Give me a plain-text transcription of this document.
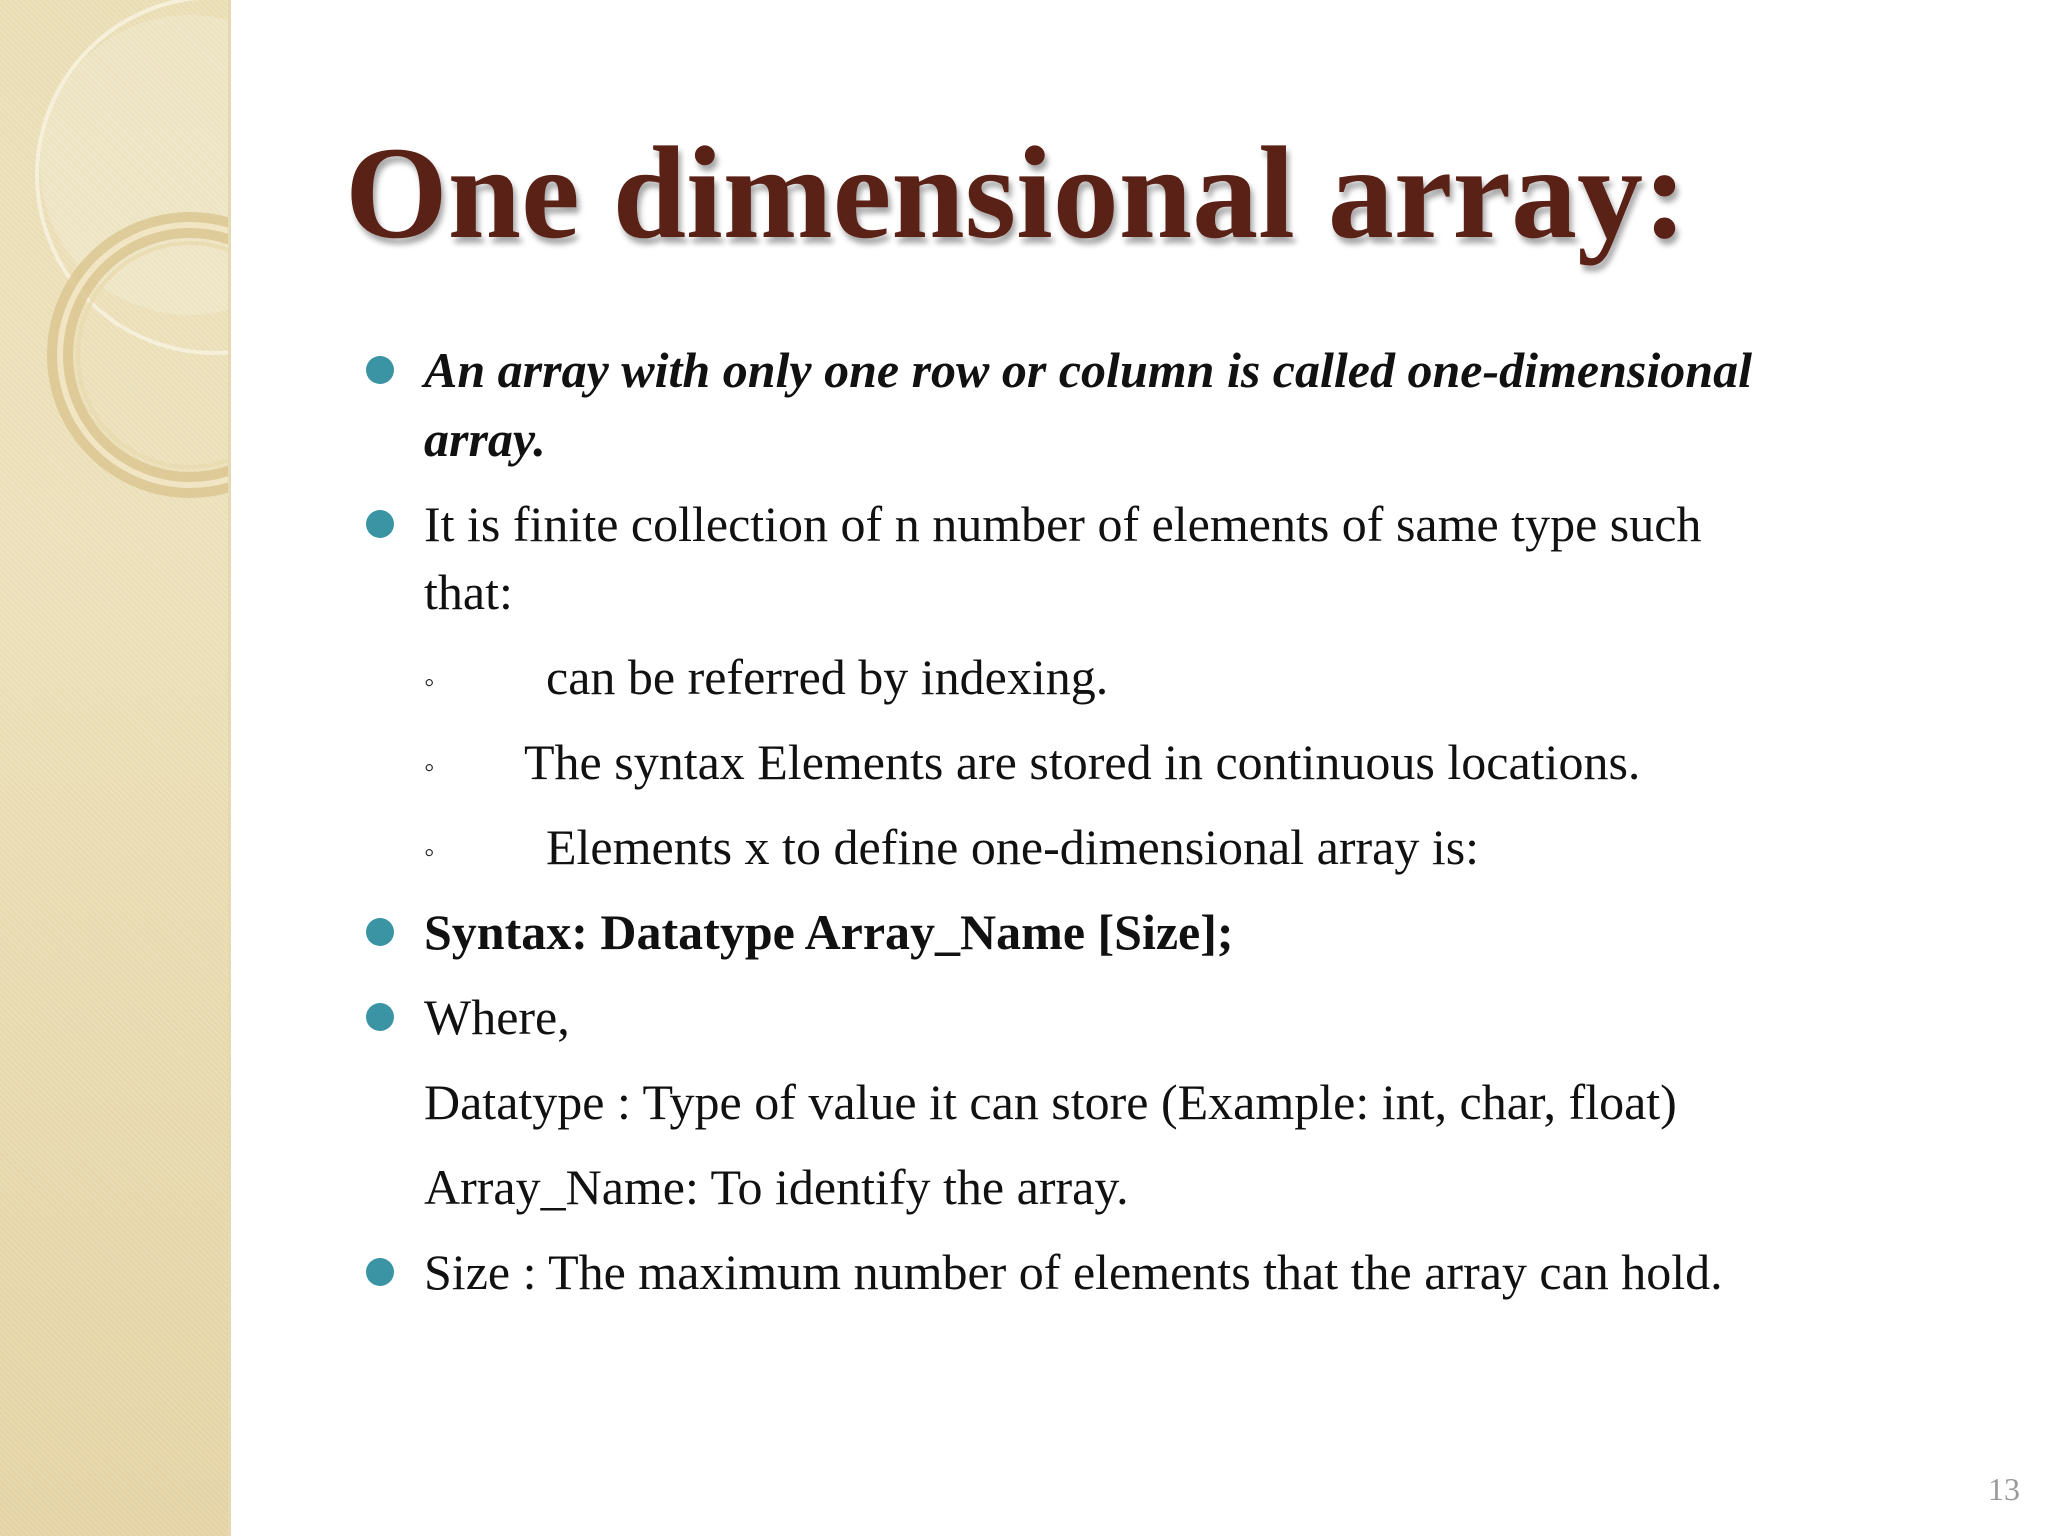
One dimensional array:
An array with only one row or column is called one-dimensional
array.
It is finite collection of n number of elements of same type such
that:
◦ can be referred by indexing.
◦ The syntax Elements are stored in continuous locations.
◦ Elements x to define one-dimensional array is:
Syntax: Datatype Array_Name [Size];
Where,
Datatype : Type of value it can store (Example: int, char, float)
Array_Name: To identify the array.
Size : The maximum number of elements that the array can hold.
13
